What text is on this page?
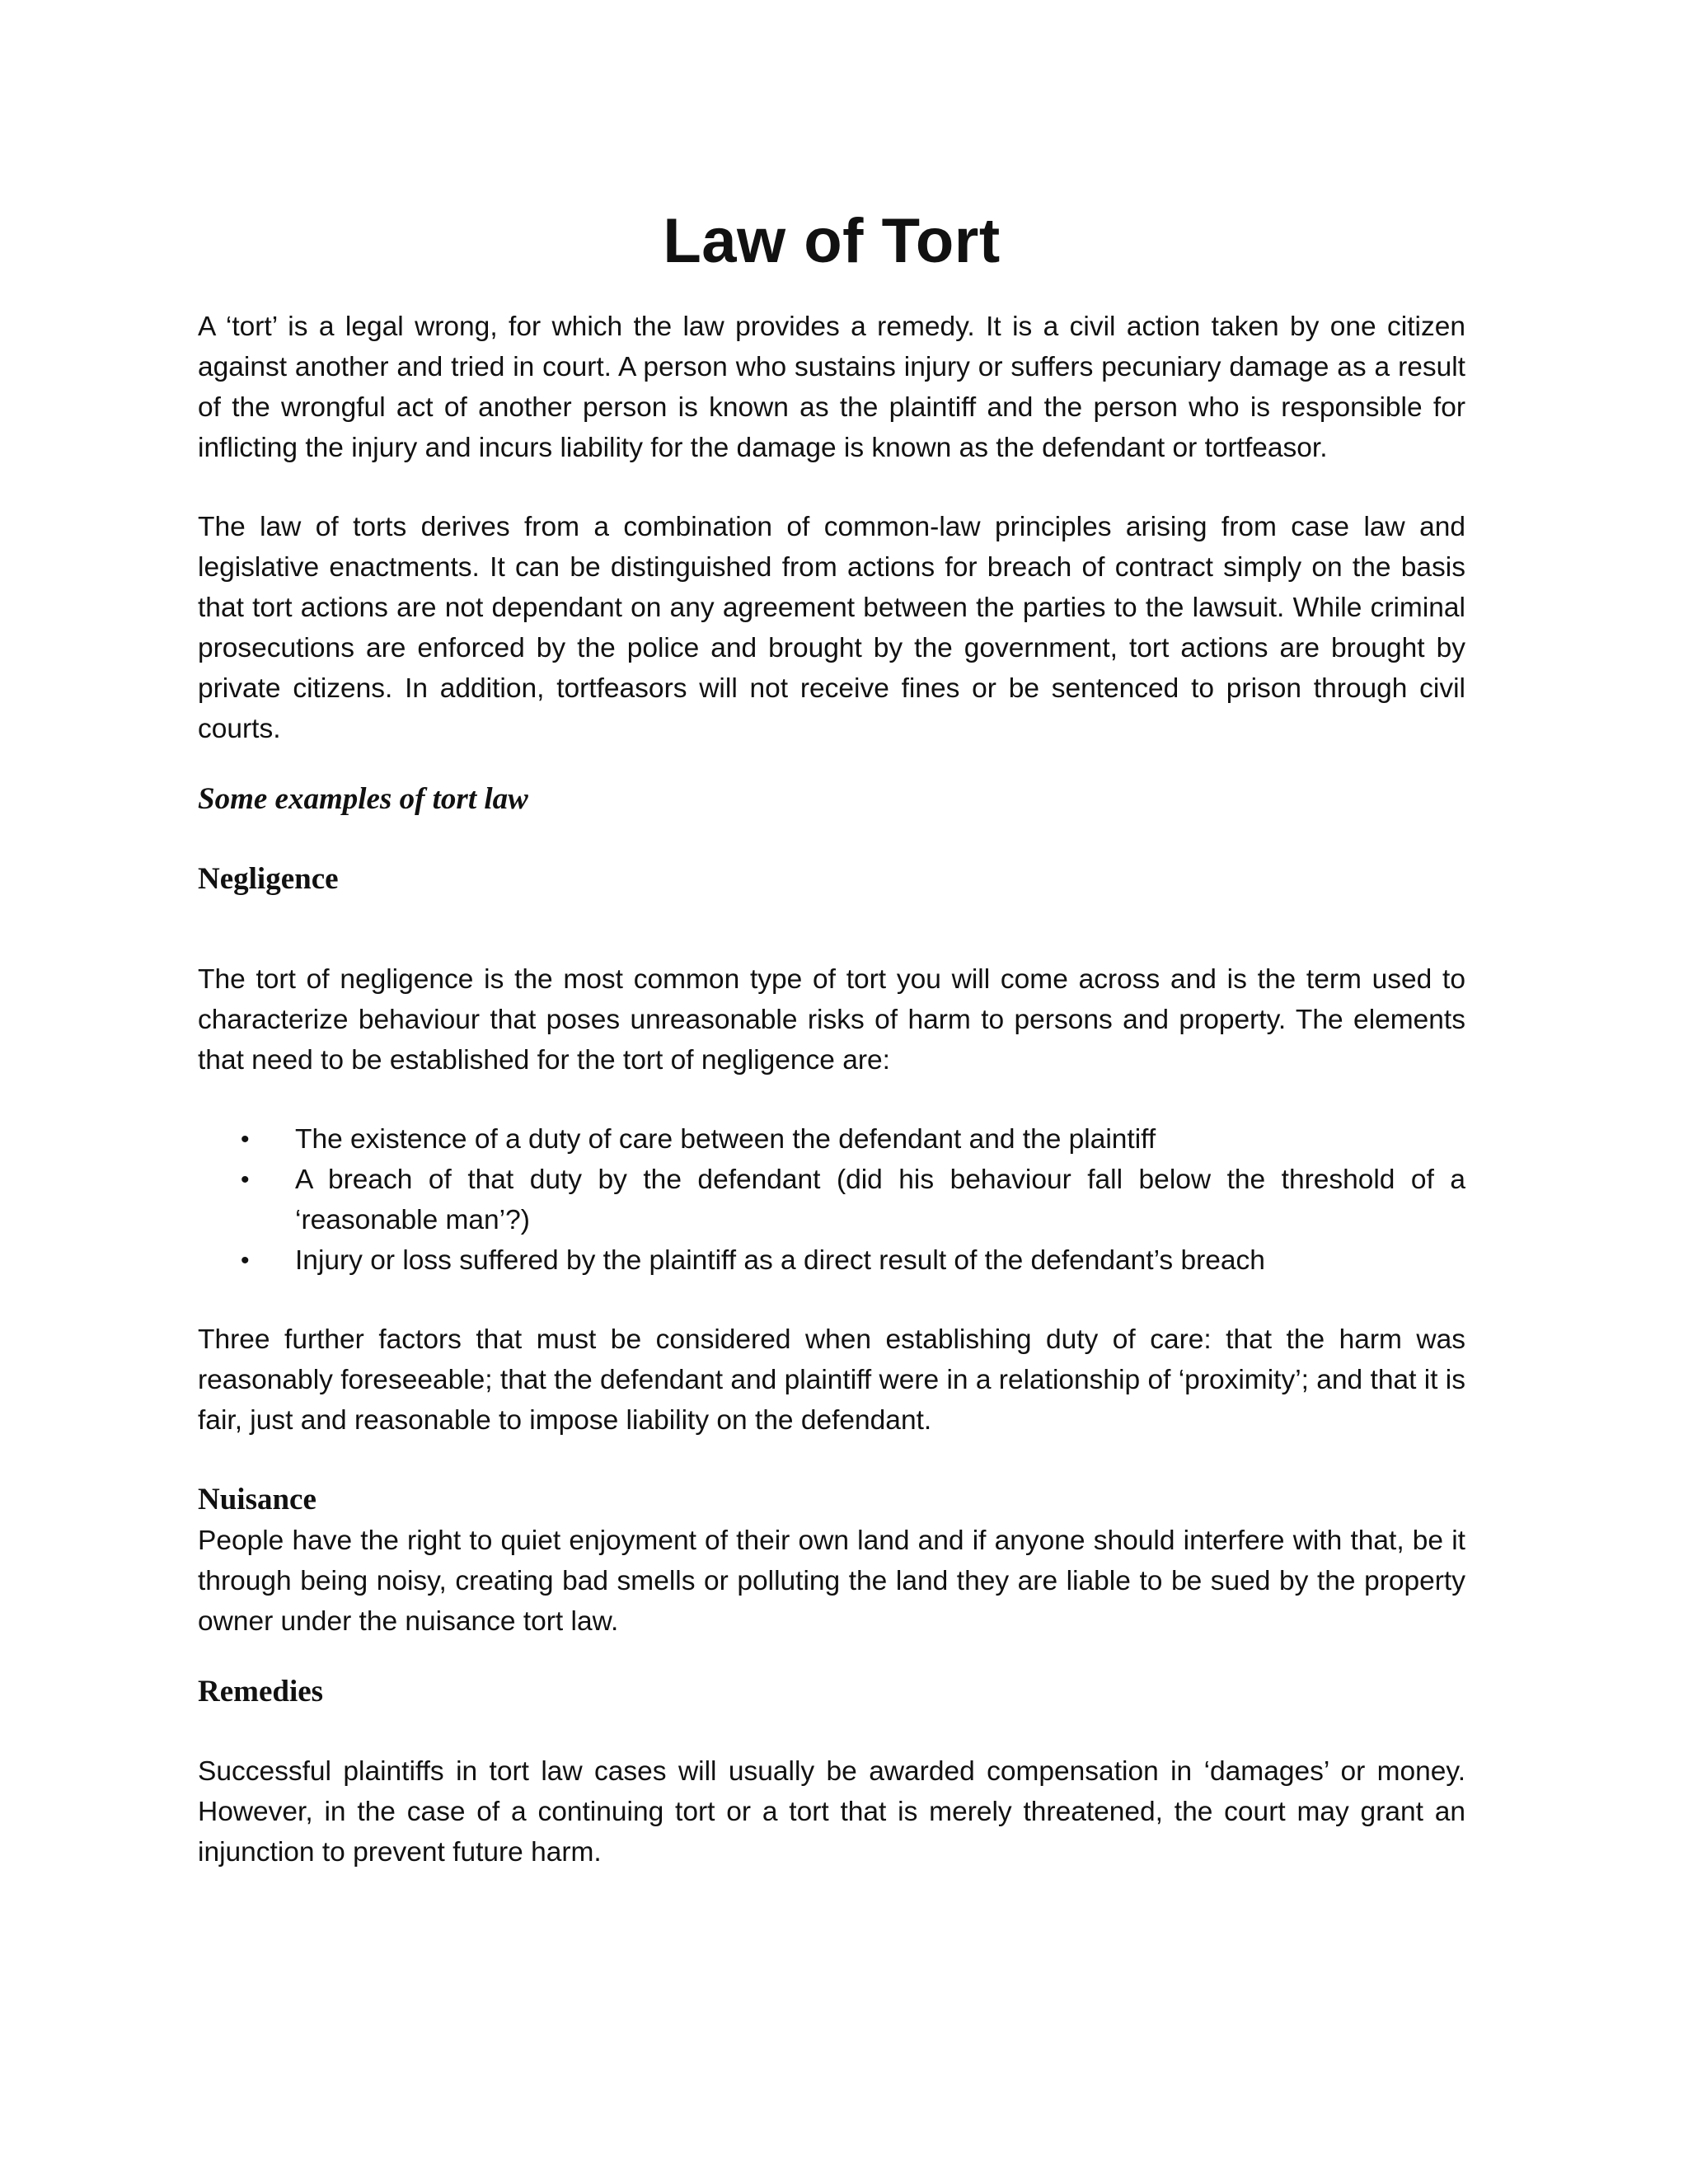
Law of Tort

A ‘tort’ is a legal wrong, for which the law provides a remedy. It is a civil action taken by one citizen against another and tried in court. A person who sustains injury or suffers pecuniary damage as a result of the wrongful act of another person is known as the plaintiff and the person who is responsible for inflicting the injury and incurs liability for the damage is known as the defendant or tortfeasor.

The law of torts derives from a combination of common-law principles arising from case law and legislative enactments. It can be distinguished from actions for breach of contract simply on the basis that tort actions are not dependant on any agreement between the parties to the lawsuit. While criminal prosecutions are enforced by the police and brought by the government, tort actions are brought by private citizens. In addition, tortfeasors will not receive fines or be sentenced to prison through civil courts.

Some examples of tort law
Negligence

The tort of negligence is the most common type of tort you will come across and is the term used to characterize behaviour that poses unreasonable risks of harm to persons and property. The elements that need to be established for the tort of negligence are:

• The existence of a duty of care between the defendant and the plaintiff
• A breach of that duty by the defendant (did his behaviour fall below the threshold of a ‘reasonable man’?)
• Injury or loss suffered by the plaintiff as a direct result of the defendant’s breach

Three further factors that must be considered when establishing duty of care: that the harm was reasonably foreseeable; that the defendant and plaintiff were in a relationship of ‘proximity’; and that it is fair, just and reasonable to impose liability on the defendant.

Nuisance

People have the right to quiet enjoyment of their own land and if anyone should interfere with that, be it through being noisy, creating bad smells or polluting the land they are liable to be sued by the property owner under the nuisance tort law.

Remedies

Successful plaintiffs in tort law cases will usually be awarded compensation in ‘damages’ or money. However, in the case of a continuing tort or a tort that is merely threatened, the court may grant an injunction to prevent future harm.
